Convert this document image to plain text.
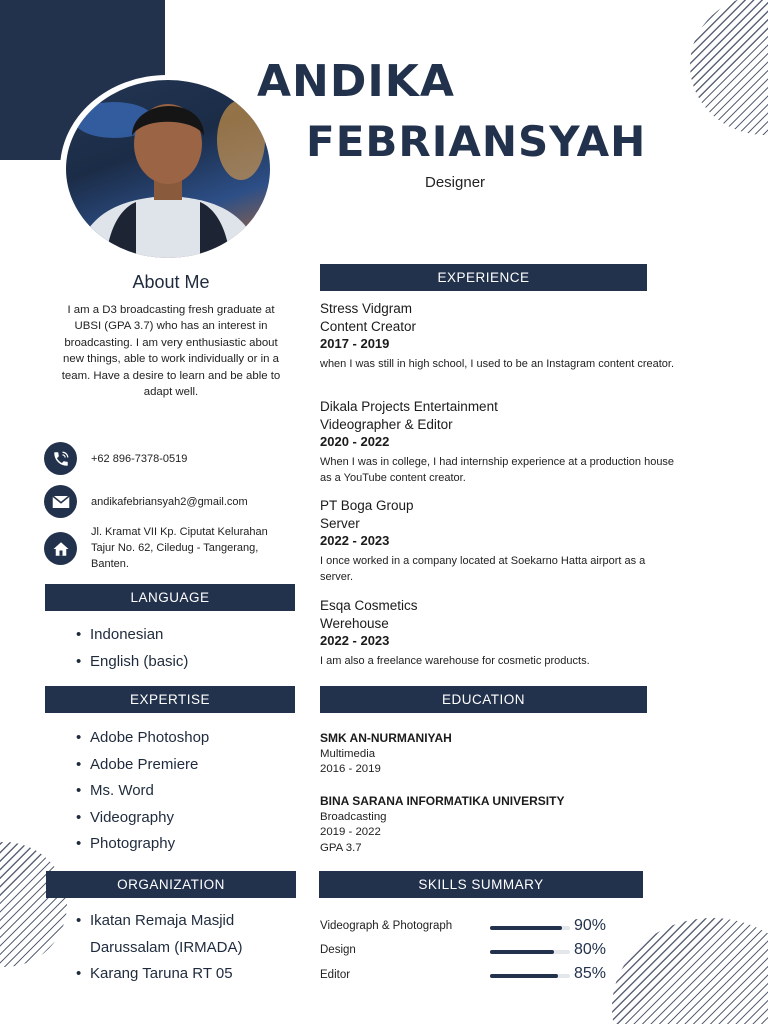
ANDIKA
FEBRIANSYAH
Designer
About Me
I am a D3 broadcasting fresh graduate at UBSI (GPA 3.7) who has an interest in broadcasting. I am very enthusiastic about new things, able to work individually or in a team. Have a desire to learn and be able to adapt well.
+62 896-7378-0519
andikafebriansyah2@gmail.com
Jl. Kramat VII Kp. Ciputat Kelurahan Tajur No. 62, Ciledug - Tangerang, Banten.
LANGUAGE
• Indonesian
• English (basic)
EXPERTISE
• Adobe Photoshop
• Adobe Premiere
• Ms. Word
• Videography
• Photography
ORGANIZATION
• Ikatan Remaja Masjid
Darussalam (IRMADA)
• Karang Taruna RT 05
EXPERIENCE
Stress Vidgram
Content Creator
2017 - 2019
when I was still in high school, I used to be an Instagram content creator.
Dikala Projects Entertainment
Videographer & Editor
2020 - 2022
When I was in college, I had internship experience at a production house as a YouTube content creator.
PT Boga Group
Server
2022 - 2023
I once worked in a company located at Soekarno Hatta airport as a server.
Esqa Cosmetics
Werehouse
2022 - 2023
I am also a freelance warehouse for cosmetic products.
EDUCATION
SMK AN-NURMANIYAH
Multimedia
2016 - 2019
BINA SARANA INFORMATIKA UNIVERSITY
Broadcasting
2019 - 2022
GPA 3.7
SKILLS SUMMARY
Videograph & Photograph	90%
Design	80%
Editor	85%
